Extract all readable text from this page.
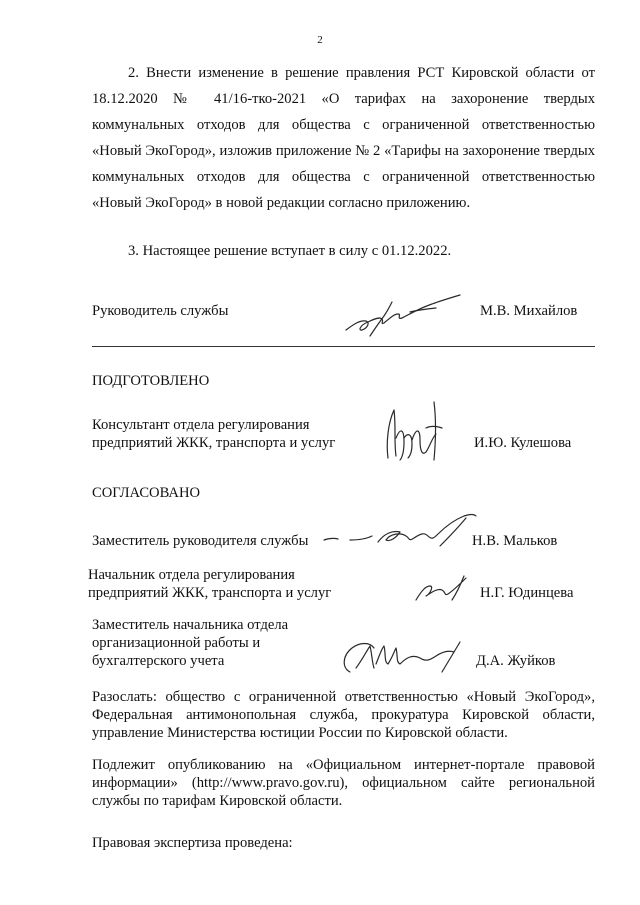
2

2. Внести изменение в решение правления РСТ Кировской области от 18.12.2020 № 41/16-тко-2021 «О тарифах на захоронение твердых коммунальных отходов для общества с ограниченной ответственностью «Новый ЭкоГород», изложив приложение № 2 «Тарифы на захоронение твердых коммунальных отходов для общества с ограниченной ответственностью «Новый ЭкоГород» в новой редакции согласно приложению.

3. Настоящее решение вступает в силу с 01.12.2022.

Руководитель службы	М.В. Михайлов
ПОДГОТОВЛЕНО
Консультант отдела регулирования
предприятий ЖКК, транспорта и услуг	И.Ю. Кулешова
СОГЛАСОВАНО
Заместитель руководителя службы	Н.В. Мальков
Начальник отдела регулирования
предприятий ЖКК, транспорта и услуг	Н.Г. Юдинцева
Заместитель начальника отдела
организационной работы и
бухгалтерского учета	Д.А. Жуйков

Разослать: общество с ограниченной ответственностью «Новый ЭкоГород», Федеральная антимонопольная служба, прокуратура Кировской области, управление Министерства юстиции России по Кировской области.

Подлежит опубликованию на «Официальном интернет-портале правовой информации» (http://www.pravo.gov.ru), официальном сайте региональной службы по тарифам Кировской области.

Правовая экспертиза проведена:
